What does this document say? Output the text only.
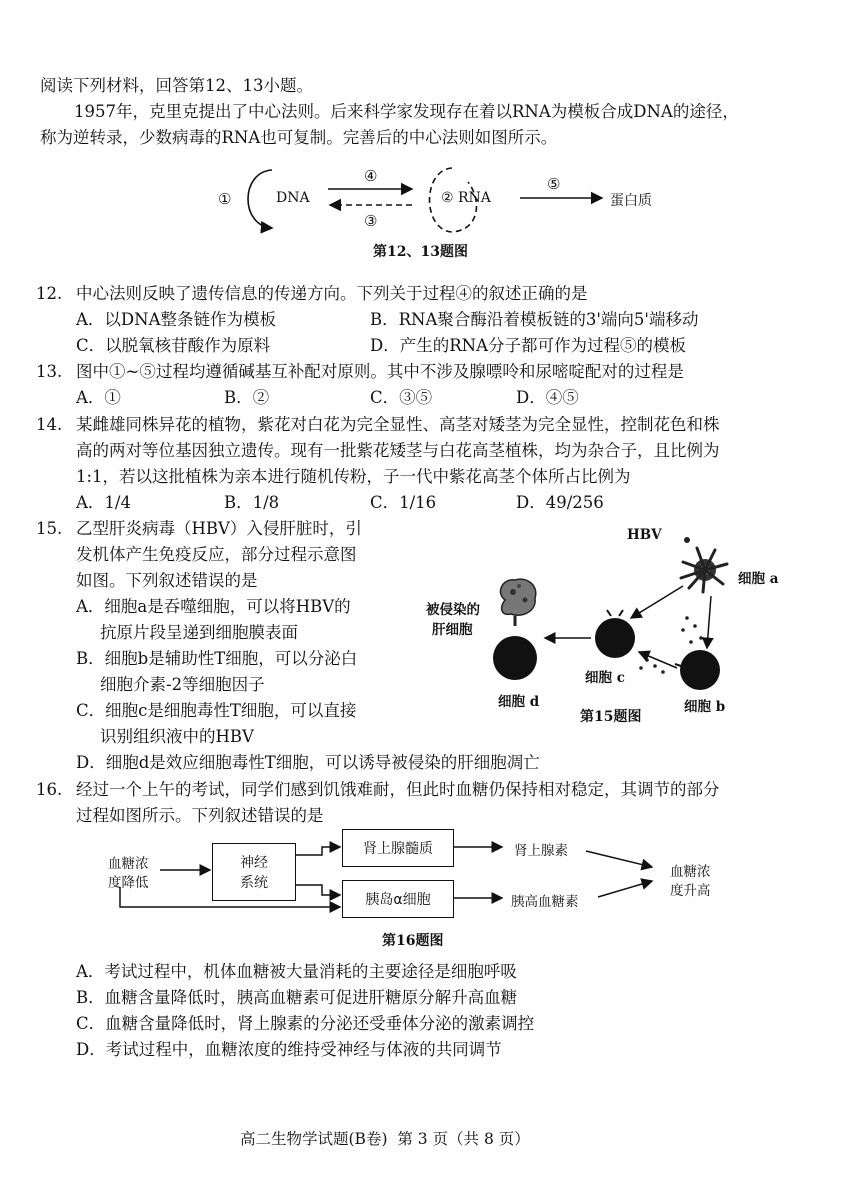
阅读下列材料，回答第12、13小题。
1957年，克里克提出了中心法则。后来科学家发现存在着以RNA为模板合成DNA的途径，
称为逆转录，少数病毒的RNA也可复制。完善后的中心法则如图所示。
①	DNA
④
③
② RNA
⑤
蛋白质
第12、13题图
12. 中心法则反映了遗传信息的传递方向。下列关于过程④的叙述正确的是
A．以DNA整条链作为模板	B．RNA聚合酶沿着模板链的3'端向5'端移动
C．以脱氧核苷酸作为原料	D．产生的RNA分子都可作为过程⑤的模板
13. 图中①~⑤过程均遵循碱基互补配对原则。其中不涉及腺嘌呤和尿嘧啶配对的过程是
A．①	B．②	C．③⑤	D．④⑤
14. 某雌雄同株异花的植物，紫花对白花为完全显性、高茎对矮茎为完全显性，控制花色和株
高的两对等位基因独立遗传。现有一批紫花矮茎与白花高茎植株，均为杂合子，且比例为
1:1，若以这批植株为亲本进行随机传粉，子一代中紫花高茎个体所占比例为
A．1/4	B．1/8	C．1/16	D．49/256
15. 乙型肝炎病毒（HBV）入侵肝脏时，引
发机体产生免疫反应，部分过程示意图
如图。下列叙述错误的是
A．细胞a是吞噬细胞，可以将HBV的
抗原片段呈递到细胞膜表面
B．细胞b是辅助性T细胞，可以分泌白
细胞介素-2等细胞因子
C．细胞c是细胞毒性T细胞，可以直接
识别组织液中的HBV
D．细胞d是效应细胞毒性T细胞，可以诱导被侵染的肝细胞凋亡
HBV
细胞 a
被侵染的
肝细胞
细胞 c
细胞 d	细胞 b
第15题图
16. 经过一个上午的考试，同学们感到饥饿难耐，但此时血糖仍保持相对稳定，其调节的部分
过程如图所示。下列叙述错误的是
血糖浓
度降低
神经
系统
肾上腺髓质
胰岛α细胞
肾上腺素
胰高血糖素
血糖浓
度升高
第16题图
A．考试过程中，机体血糖被大量消耗的主要途径是细胞呼吸
B．血糖含量降低时，胰高血糖素可促进肝糖原分解升高血糖
C．血糖含量降低时，肾上腺素的分泌还受垂体分泌的激素调控
D．考试过程中，血糖浓度的维持受神经与体液的共同调节
高二生物学试题(B卷)  第 3 页（共 8 页）
